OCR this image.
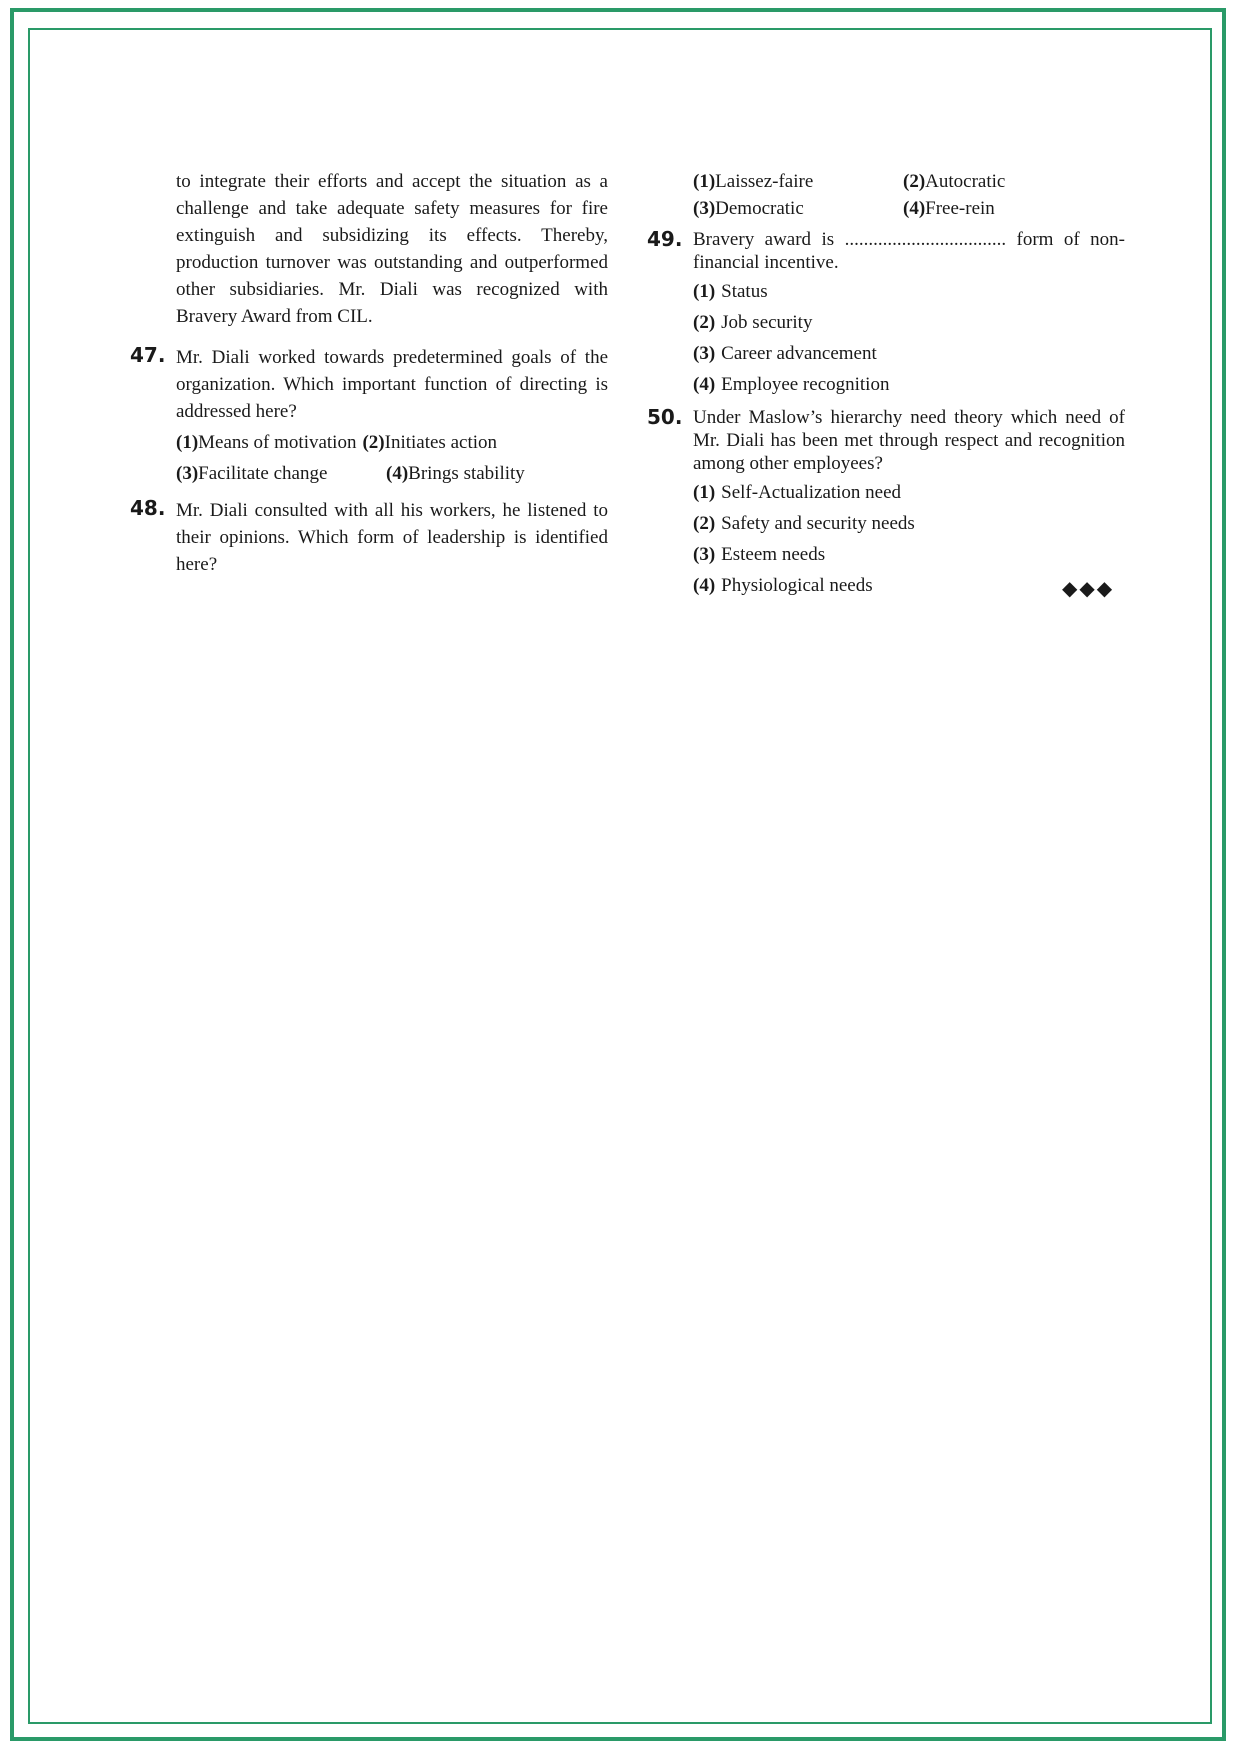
to integrate their efforts and accept the situation as a challenge and take adequate safety measures for fire extinguish and subsidizing its effects. Thereby, production turnover was outstanding and outperformed other subsidiaries. Mr. Diali was recognized with Bravery Award from CIL.

47. Mr. Diali worked towards predetermined goals of the organization. Which important function of directing is addressed here?

(1)Means of motivation (2)Initiates action
(3)Facilitate change	(4)Brings stability
48. Mr. Diali consulted with all his workers, he listened to their opinions. Which form of leadership is identified here?

(1)Laissez-faire	(2)Autocratic
(3)Democratic	(4)Free-rein
49. Bravery award is .................................. form of non-financial incentive.

(1) Status
(2) Job security
(3) Career advancement
(4) Employee recognition
50. Under Maslow’s hierarchy need theory which need of Mr. Diali has been met through respect and recognition among other employees?

(1) Self-Actualization need
(2) Safety and security needs
(3) Esteem needs
(4) Physiological needs	◆◆◆
